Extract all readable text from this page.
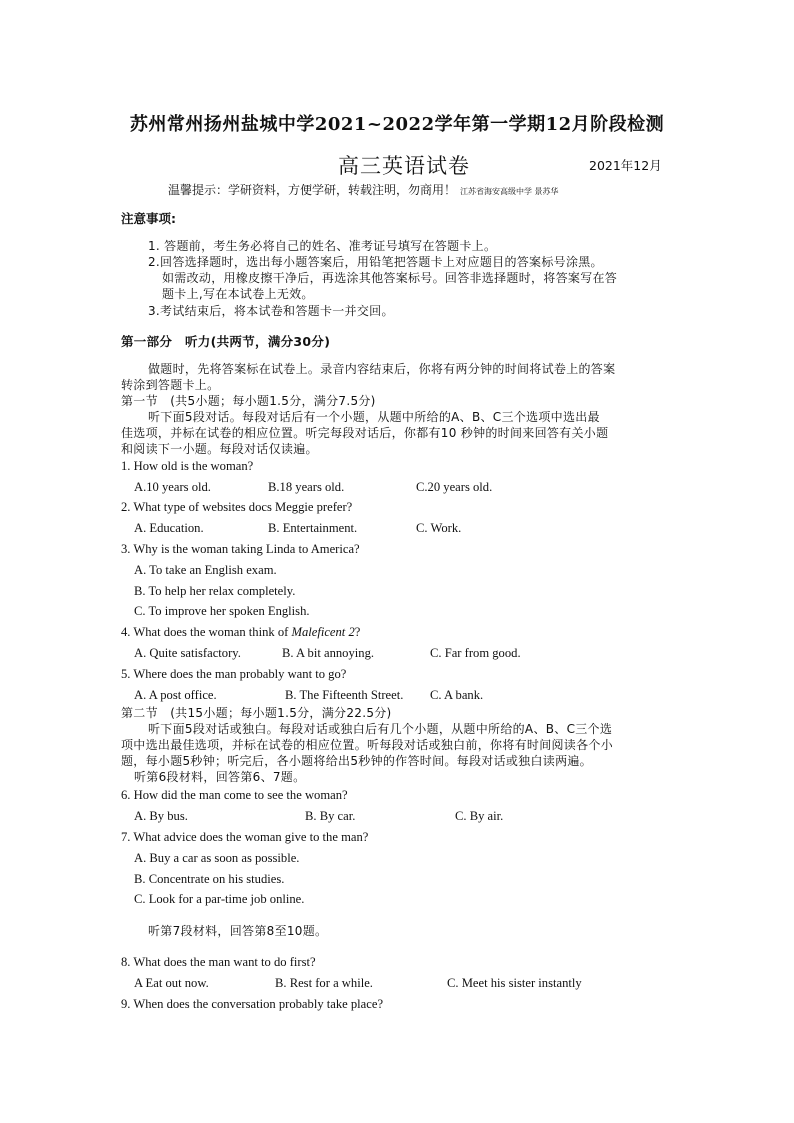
苏州常州扬州盐城中学2021~2022学年第一学期12月阶段检测
高三英语试卷	2021年12月
温馨提示：学研资料，方便学研，转载注明，勿商用！ 江苏省海安高级中学 景苏华
注意事项:
1. 答题前，考生务必将自己的姓名、准考证号填写在答题卡上。
2.回答选择题时，选出每小题答案后，用铅笔把答题卡上对应题目的答案标号涂黑。
如需改动，用橡皮擦干净后，再选涂其他答案标号。回答非选择题时，将答案写在答
题卡上,写在本试卷上无效。
3.考试结束后，将本试卷和答题卡一并交回。
第一部分　听力(共两节，满分30分)
做题时，先将答案标在试卷上。录音内容结束后，你将有两分钟的时间将试卷上的答案
转涂到答题卡上。
第一节　(共5小题；每小题1.5分，满分7.5分)
听下面5段对话。每段对话后有一个小题，从题中所给的A、B、C三个选项中选出最
佳选项，并标在试卷的相应位置。听完每段对话后，你都有10 秒钟的时间来回答有关小题
和阅读下一小题。每段对话仅读遍。
1. How old is the woman?
A.10 years old.	B.18 years old.	C.20 years old.
2. What type of websites docs Meggie prefer?
A. Education.	B. Entertainment.	C. Work.
3. Why is the woman taking Linda to America?
A. To take an English exam.
B. To help her relax completely.
C. To improve her spoken English.
4. What does the woman think of Maleficent 2?
A. Quite satisfactory.	B. A bit annoying.	C. Far from good.
5. Where does the man probably want to go?
A. A post office.	B. The Fifteenth Street. C. A bank.
第二节　(共15小题；每小题1.5分，满分22.5分)
听下面5段对话或独白。每段对话或独白后有几个小题，从题中所给的A、B、C三个选
项中选出最佳选项，并标在试卷的相应位置。听每段对话或独白前，你将有时间阅读各个小
题，每小题5秒钟；听完后，各小题将给出5秒钟的作答时间。每段对话或独白读两遍。
听第6段材料，回答第6、7题。
6. How did the man come to see the woman?
A. By bus.	B. By car.	C. By air.
7. What advice does the woman give to the man?
A. Buy a car as soon as possible.
B. Concentrate on his studies.
C. Look for a par-time job online.
听第7段材料，回答第8至10题。
8. What does the man want to do first?
A Eat out now.	B. Rest for a while.	C. Meet his sister instantly
9. When does the conversation probably take place?
